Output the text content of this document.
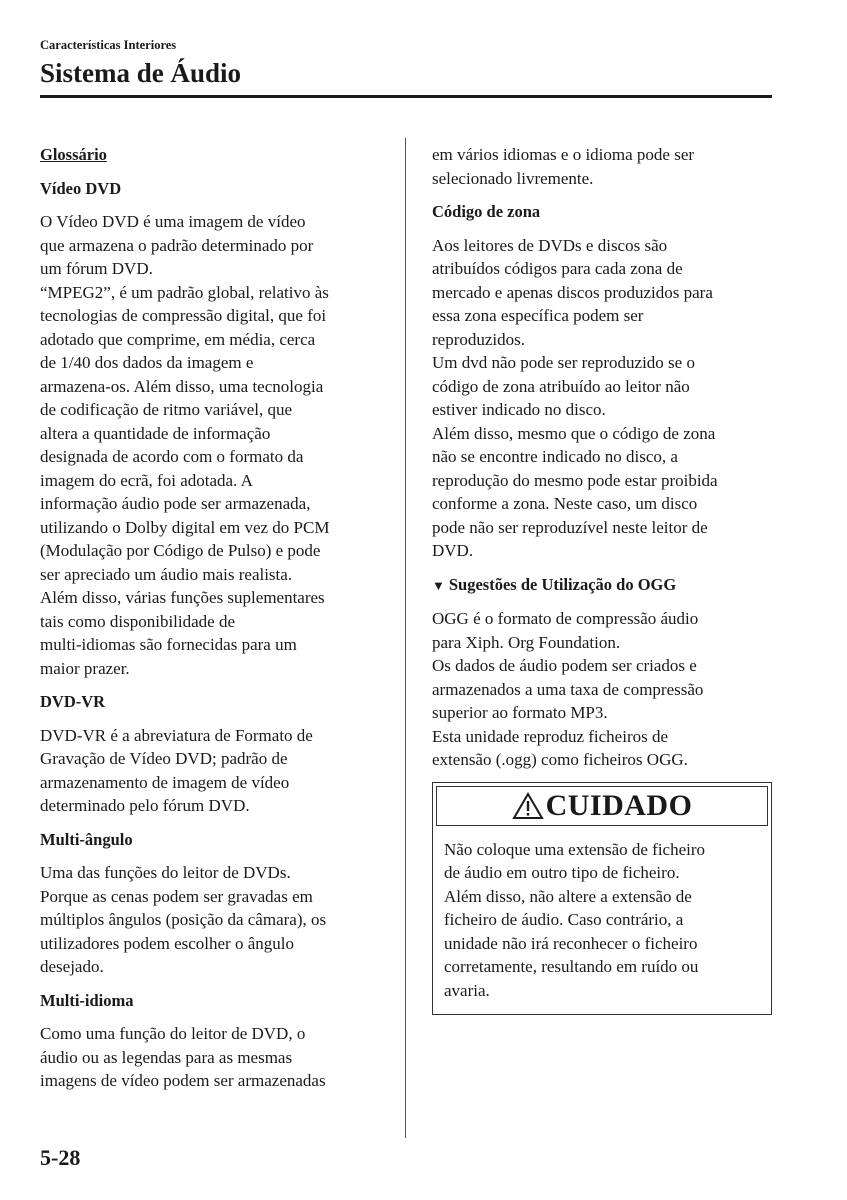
Características Interiores
Sistema de Áudio
Glossário
Vídeo DVD
O Vídeo DVD é uma imagem de vídeo
que armazena o padrão determinado por
um fórum DVD.
“MPEG2”, é um padrão global, relativo às
tecnologias de compressão digital, que foi
adotado que comprime, em média, cerca
de 1/40 dos dados da imagem e
armazena-os. Além disso, uma tecnologia
de codificação de ritmo variável, que
altera a quantidade de informação
designada de acordo com o formato da
imagem do ecrã, foi adotada. A
informação áudio pode ser armazenada,
utilizando o Dolby digital em vez do PCM
(Modulação por Código de Pulso) e pode
ser apreciado um áudio mais realista.
Além disso, várias funções suplementares
tais como disponibilidade de
multi-idiomas são fornecidas para um
maior prazer.
DVD-VR
DVD-VR é a abreviatura de Formato de
Gravação de Vídeo DVD; padrão de
armazenamento de imagem de vídeo
determinado pelo fórum DVD.
Multi-ângulo
Uma das funções do leitor de DVDs.
Porque as cenas podem ser gravadas em
múltiplos ângulos (posição da câmara), os
utilizadores podem escolher o ângulo
desejado.
Multi-idioma
Como uma função do leitor de DVD, o
áudio ou as legendas para as mesmas
imagens de vídeo podem ser armazenadas
em vários idiomas e o idioma pode ser
selecionado livremente.
Código de zona
Aos leitores de DVDs e discos são
atribuídos códigos para cada zona de
mercado e apenas discos produzidos para
essa zona específica podem ser
reproduzidos.
Um dvd não pode ser reproduzido se o
código de zona atribuído ao leitor não
estiver indicado no disco.
Além disso, mesmo que o código de zona
não se encontre indicado no disco, a
reprodução do mesmo pode estar proibida
conforme a zona. Neste caso, um disco
pode não ser reproduzível neste leitor de
DVD.
▼ Sugestões de Utilização do OGG
OGG é o formato de compressão áudio
para Xiph. Org Foundation.
Os dados de áudio podem ser criados e
armazenados a uma taxa de compressão
superior ao formato MP3.
Esta unidade reproduz ficheiros de
extensão (.ogg) como ficheiros OGG.
CUIDADO
Não coloque uma extensão de ficheiro
de áudio em outro tipo de ficheiro.
Além disso, não altere a extensão de
ficheiro de áudio. Caso contrário, a
unidade não irá reconhecer o ficheiro
corretamente, resultando em ruído ou
avaria.
5-28
